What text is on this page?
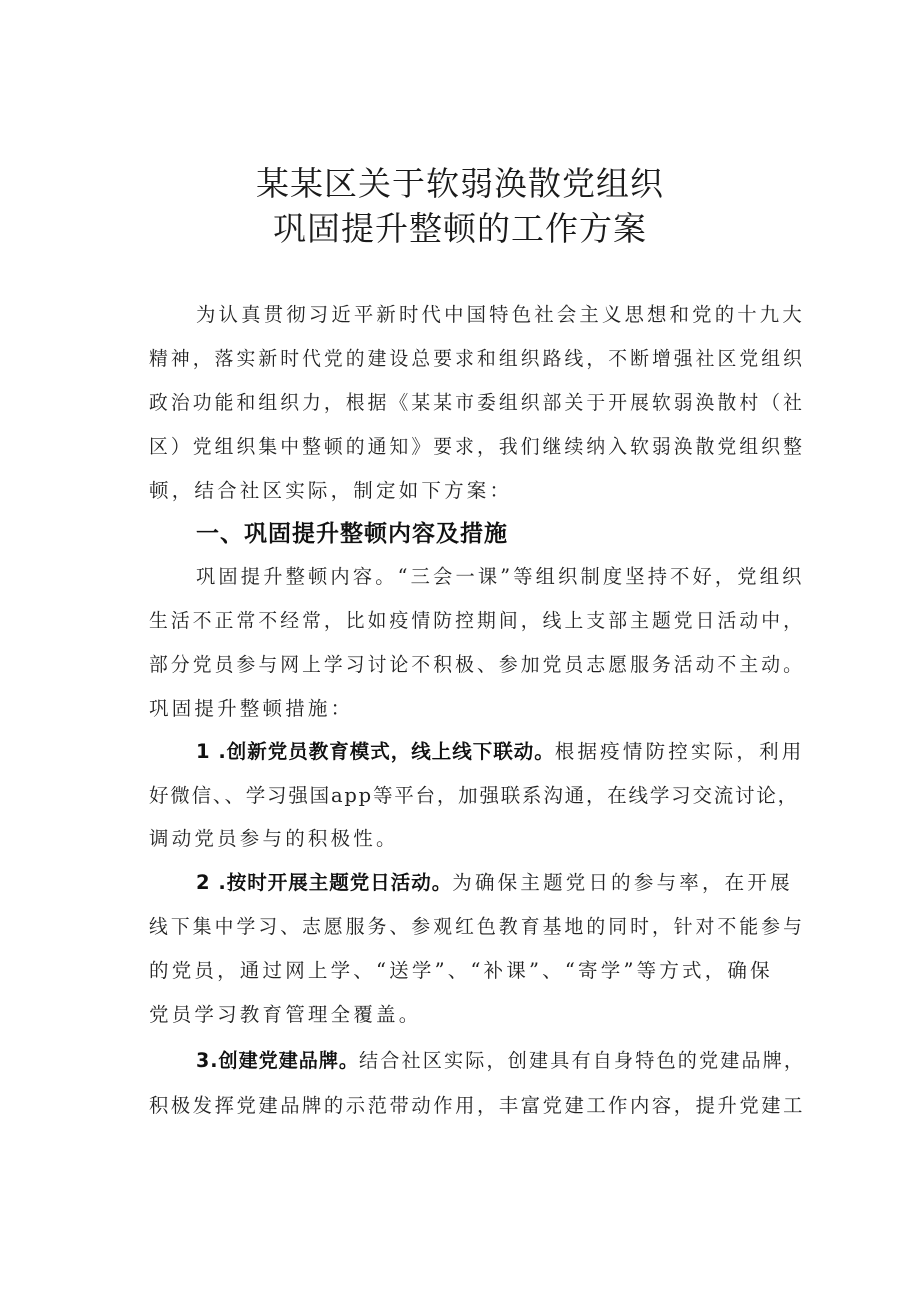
某某区关于软弱涣散党组织
巩固提升整顿的工作方案
为认真贯彻习近平新时代中国特色社会主义思想和党的十九大
精神，落实新时代党的建设总要求和组织路线，不断增强社区党组织
政治功能和组织力，根据《某某市委组织部关于开展软弱涣散村（社
区）党组织集中整顿的通知》要求，我们继续纳入软弱涣散党组织整
顿，结合社区实际，制定如下方案：
一、巩固提升整顿内容及措施
巩固提升整顿内容。“三会一课”等组织制度坚持不好，党组织
生活不正常不经常，比如疫情防控期间，线上支部主题党日活动中，
部分党员参与网上学习讨论不积极、参加党员志愿服务活动不主动。
巩固提升整顿措施：
1 .创新党员教育模式，线上线下联动。根据疫情防控实际，利用
好微信、、学习强国app等平台，加强联系沟通，在线学习交流讨论，
调动党员参与的积极性。
2 .按时开展主题党日活动。为确保主题党日的参与率，在开展
线下集中学习、志愿服务、参观红色教育基地的同时，针对不能参与
的党员，通过网上学、“送学”、“补课”、“寄学”等方式，确保
党员学习教育管理全覆盖。
3.创建党建品牌。结合社区实际，创建具有自身特色的党建品牌，
积极发挥党建品牌的示范带动作用，丰富党建工作内容，提升党建工
